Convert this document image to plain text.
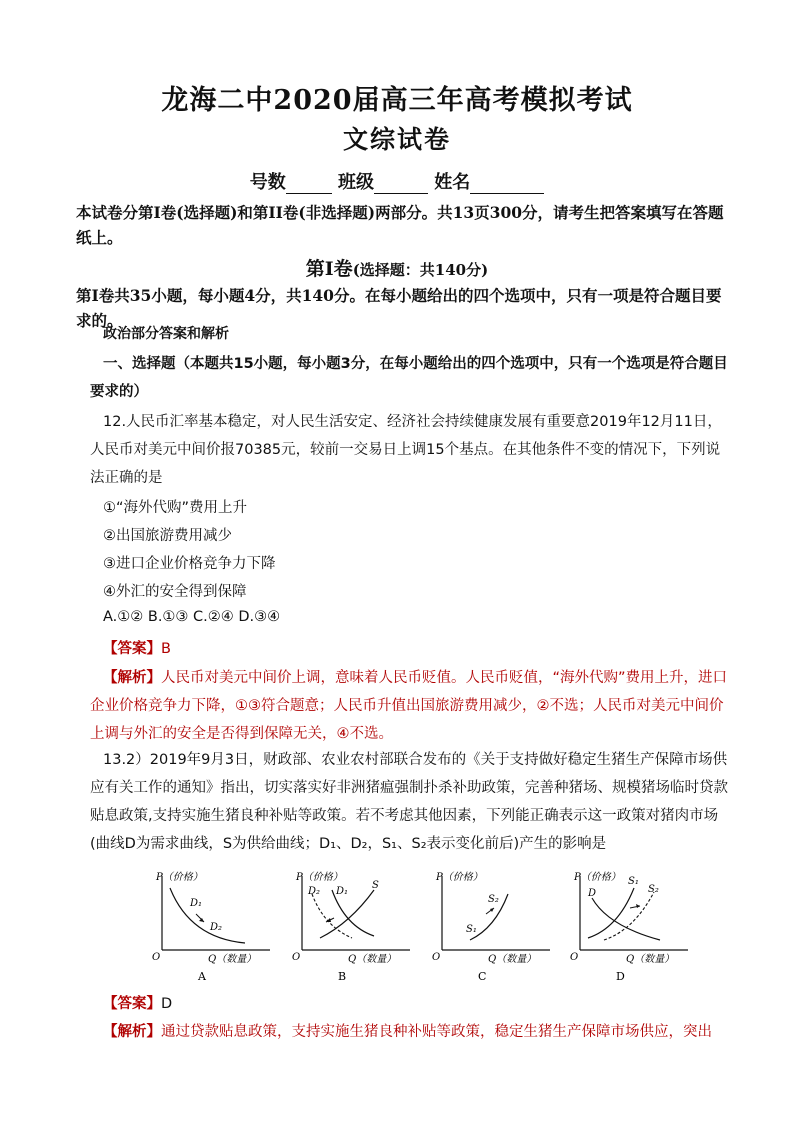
龙海二中2020届高三年高考模拟考试
文综试卷
号数	班级	姓名
本试卷分第I卷(选择题)和第II卷(非选择题)两部分。共13页300分，请考生把答案填写在答题纸上。
第I卷(选择题：共140分)
第I卷共35小题，每小题4分，共140分。在每小题给出的四个选项中，只有一项是符合题目要求的。
政治部分答案和解析
一、选择题（本题共15小题，每小题3分，在每小题给出的四个选项中，只有一个选项是符合题目要求的）
12.人民币汇率基本稳定，对人民生活安定、经济社会持续健康发展有重要意2019年12月11日，人民币对美元中间价报70385元，较前一交易日上调15个基点。在其他条件不变的情况下，下列说法正确的是
①“海外代购”费用上升
②出国旅游费用减少
③进口企业价格竞争力下降
④外汇的安全得到保障
A.①② B.①③ C.②④ D.③④
【答案】B
【解析】人民币对美元中间价上调，意味着人民币贬值。人民币贬值，“海外代购”费用上升，进口企业价格竞争力下降，①③符合题意；人民币升值出国旅游费用减少，②不选；人民币对美元中间价上调与外汇的安全是否得到保障无关，④不选。
13.2）2019年9月3日，财政部、农业农村部联合发布的《关于支持做好稳定生猪生产保障市场供应有关工作的通知》指出，切实落实好非洲猪瘟强制扑杀补助政策，完善种猪场、规模猪场临时贷款贴息政策,支持实施生猪良种补贴等政策。若不考虑其他因素，下列能正确表示这一政策对猪肉市场(曲线D为需求曲线，S为供给曲线；D₁、D₂，S₁、S₂表示变化前后)产生的影响是
P（价格）
O	Q（数量）
D₁
D₂
A
P（价格）
O	Q（数量）
D₂ D₁
S
B
P（价格）
O	Q（数量）
S₂
S₁
C
P（价格）
O	Q（数量）
S₁
S₂
D
D
【答案】D
【解析】通过贷款贴息政策，支持实施生猪良种补贴等政策，稳定生猪生产保障市场供应，突出
